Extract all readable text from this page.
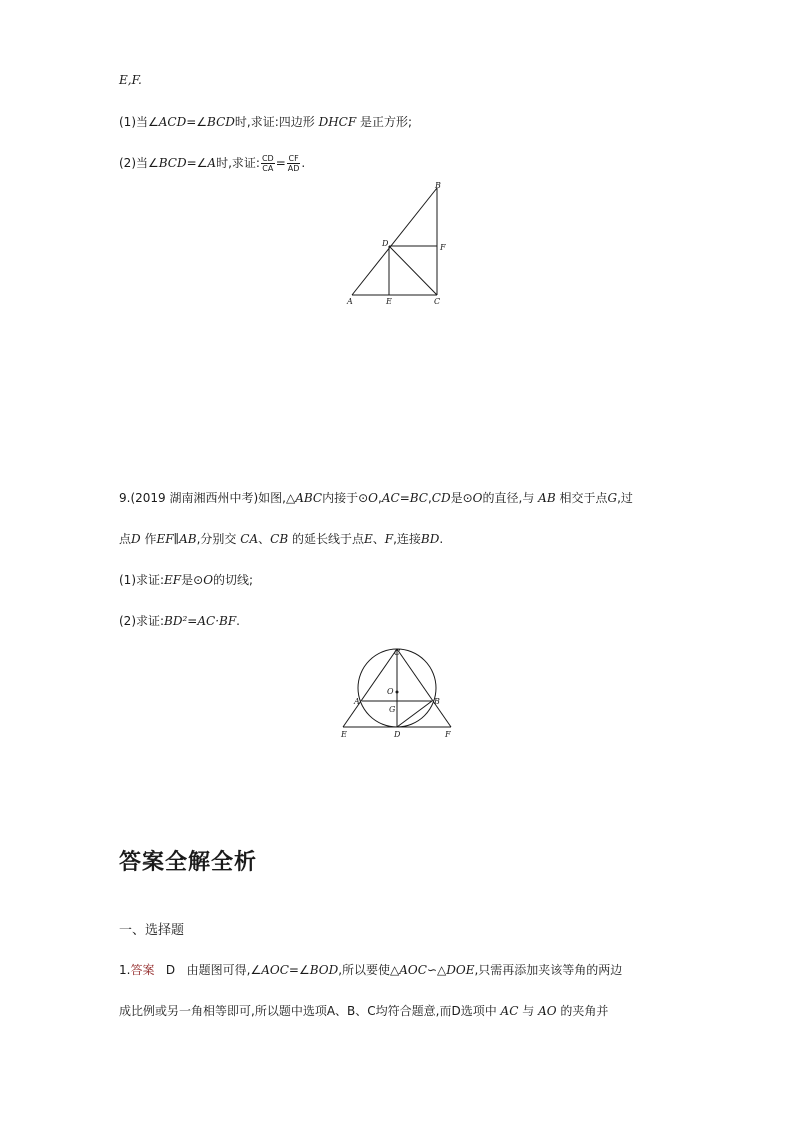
E,F.
(1)当∠ACD=∠BCD时,求证:四边形 DHCF 是正方形;
(2)当∠BCD=∠A时,求证: $\frac{CD}{CA} = \frac{CF}{AD}$ .
B
D	F
A	E	C
9.(2019 湖南湘西州中考)如图,△ABC内接于⊙O,AC=BC,CD是⊙O的直径,与 AB 相交于点G,过
点D 作EF∥AB,分别交 CA、CB 的延长线于点E、F,连接BD.
(1)求证:EF是⊙O的切线;
(2)求证:BD²=AC·BF.
C
O
A	B
G
E	D	F
答案全解全析
一、选择题
1.答案 D 由题图可得,∠AOC=∠BOD,所以要使△AOC∽△DOE,只需再添加夹该等角的两边
成比例或另一角相等即可,所以题中选项A、B、C均符合题意,而D选项中 AC 与 AO 的夹角并
